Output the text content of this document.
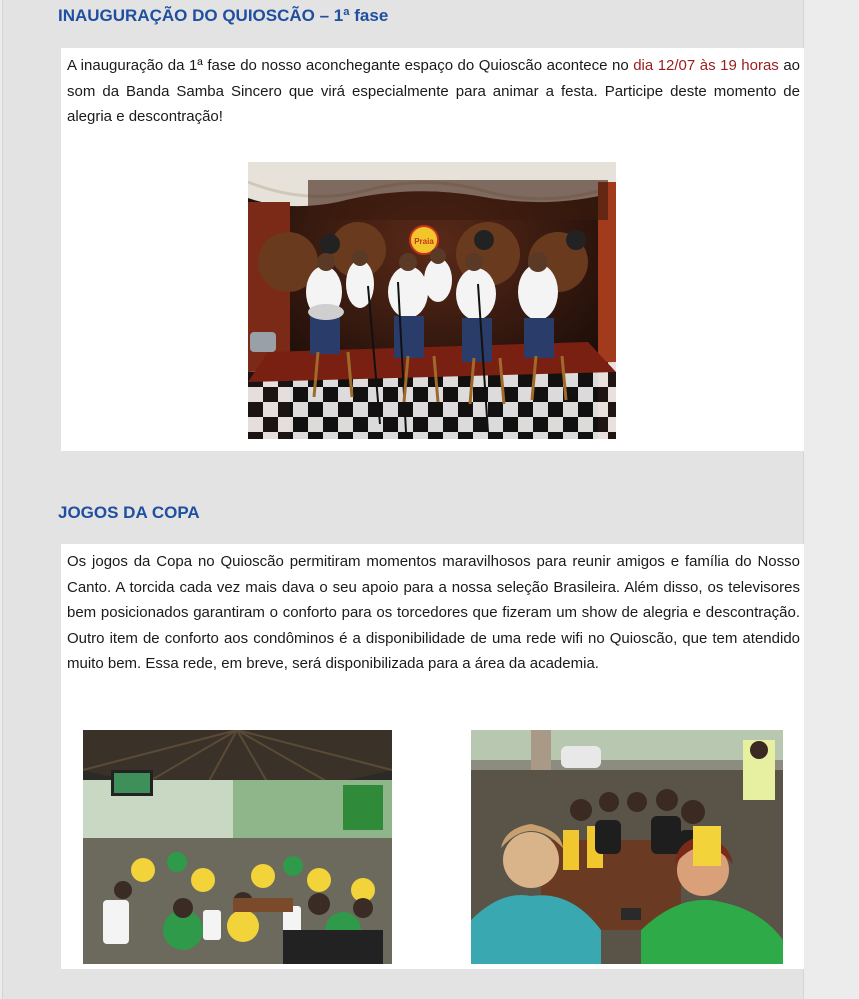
INAUGURAÇÃO DO QUIOSCÃO – 1ª fase

A inauguração da 1ª fase do nosso aconchegante espaço do Quioscão acontece no dia 12/07 às 19 horas ao som da Banda Samba Sincero que virá especialmente para animar a festa. Participe deste momento de alegria e descontração!

Praia
JOGOS DA COPA

Os jogos da Copa no Quioscão permitiram momentos maravilhosos para reunir amigos e família do Nosso Canto. A torcida cada vez mais dava o seu apoio para a nossa seleção Brasileira. Além disso, os televisores bem posicionados garantiram o conforto para os torcedores que fizeram um show de alegria e descontração. Outro item de conforto aos condôminos é a disponibilidade de uma rede wifi no Quioscão, que tem atendido muito bem. Essa rede, em breve, será disponibilizada para a área da academia.
